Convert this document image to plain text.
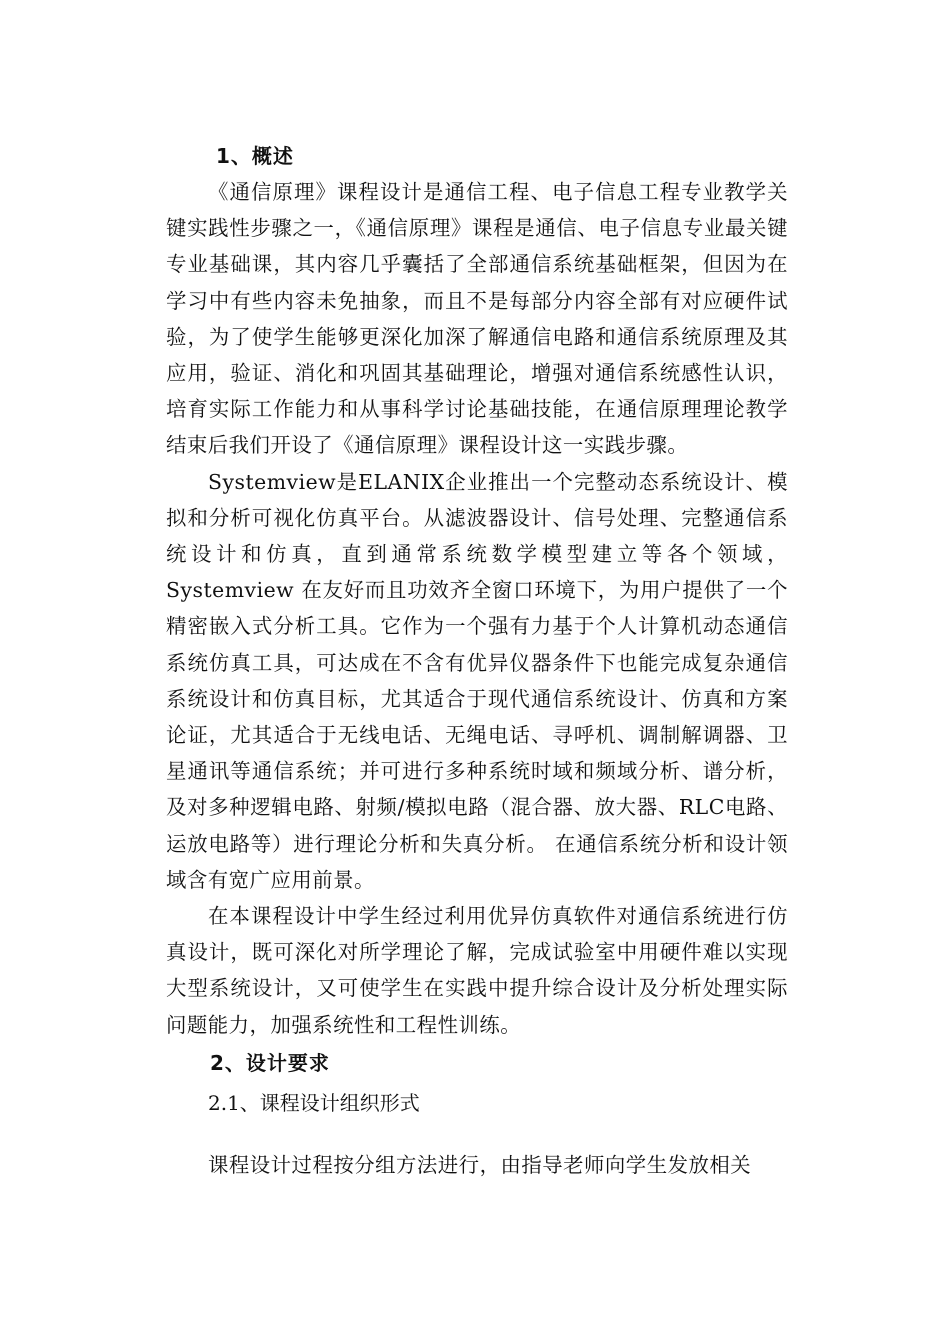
1、概述

《通信原理》课程设计是通信工程、电子信息工程专业教学关键实践性步骤之一，《通信原理》课程是通信、电子信息专业最关键专业基础课，其内容几乎囊括了全部通信系统基础框架，但因为在学习中有些内容未免抽象，而且不是每部分内容全部有对应硬件试验，为了使学生能够更深化加深了解通信电路和通信系统原理及其应用，验证、消化和巩固其基础理论，增强对通信系统感性认识，培育实际工作能力和从事科学讨论基础技能，在通信原理理论教学结束后我们开设了《通信原理》课程设计这一实践步骤。

Systemview是ELANIX企业推出一个完整动态系统设计、模拟和分析可视化仿真平台。从滤波器设计、信号处理、完整通信系统设计和仿真，直到通常系统数学模型建立等各个领域，Systemview 在友好而且功效齐全窗口环境下，为用户提供了一个精密嵌入式分析工具。它作为一个强有力基于个人计算机动态通信系统仿真工具，可达成在不含有优异仪器条件下也能完成复杂通信系统设计和仿真目标，尤其适合于现代通信系统设计、仿真和方案论证，尤其适合于无线电话、无绳电话、寻呼机、调制解调器、卫星通讯等通信系统；并可进行多种系统时域和频域分析、谱分析，及对多种逻辑电路、射频/模拟电路（混合器、放大器、RLC电路、运放电路等）进行理论分析和失真分析。 在通信系统分析和设计领域含有宽广应用前景。

在本课程设计中学生经过利用优异仿真软件对通信系统进行仿真设计，既可深化对所学理论了解，完成试验室中用硬件难以实现大型系统设计，又可使学生在实践中提升综合设计及分析处理实际问题能力，加强系统性和工程性训练。

2、设计要求

2.1、课程设计组织形式

课程设计过程按分组方法进行，由指导老师向学生发放相关
